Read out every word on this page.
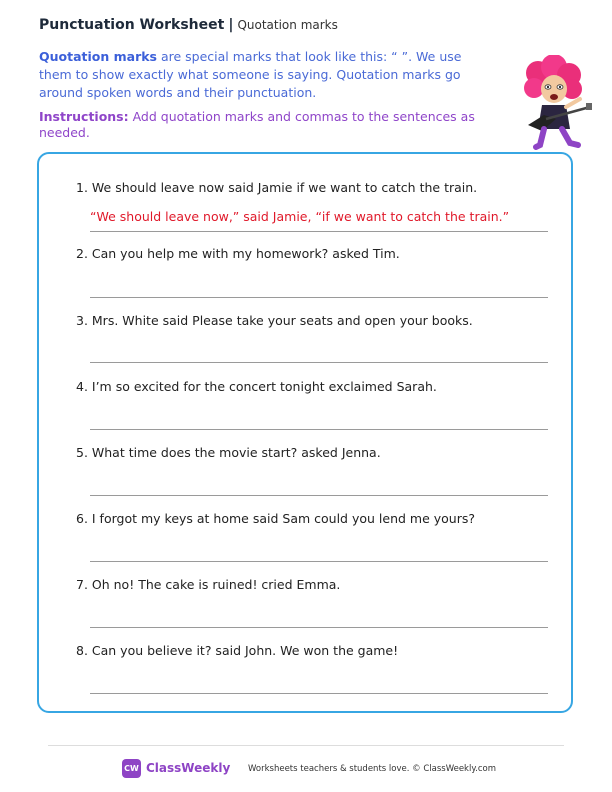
Punctuation Worksheet | Quotation marks
Quotation marks are special marks that look like this: “ ”. We use them to show exactly what someone is saying. Quotation marks go around spoken words and their punctuation.
Instructions: Add quotation marks and commas to the sentences as needed.
1. We should leave now said Jamie if we want to catch the train.
“We should leave now,” said Jamie, “if we want to catch the train.”
2. Can you help me with my homework? asked Tim.
3. Mrs. White said Please take your seats and open your books.
4. I’m so excited for the concert tonight exclaimed Sarah.
5. What time does the movie start? asked Jenna.
6. I forgot my keys at home said Sam could you lend me yours?
7. Oh no! The cake is ruined! cried Emma.
8. Can you believe it? said John. We won the game!
CW ClassWeekly Worksheets teachers & students love. © ClassWeekly.com
